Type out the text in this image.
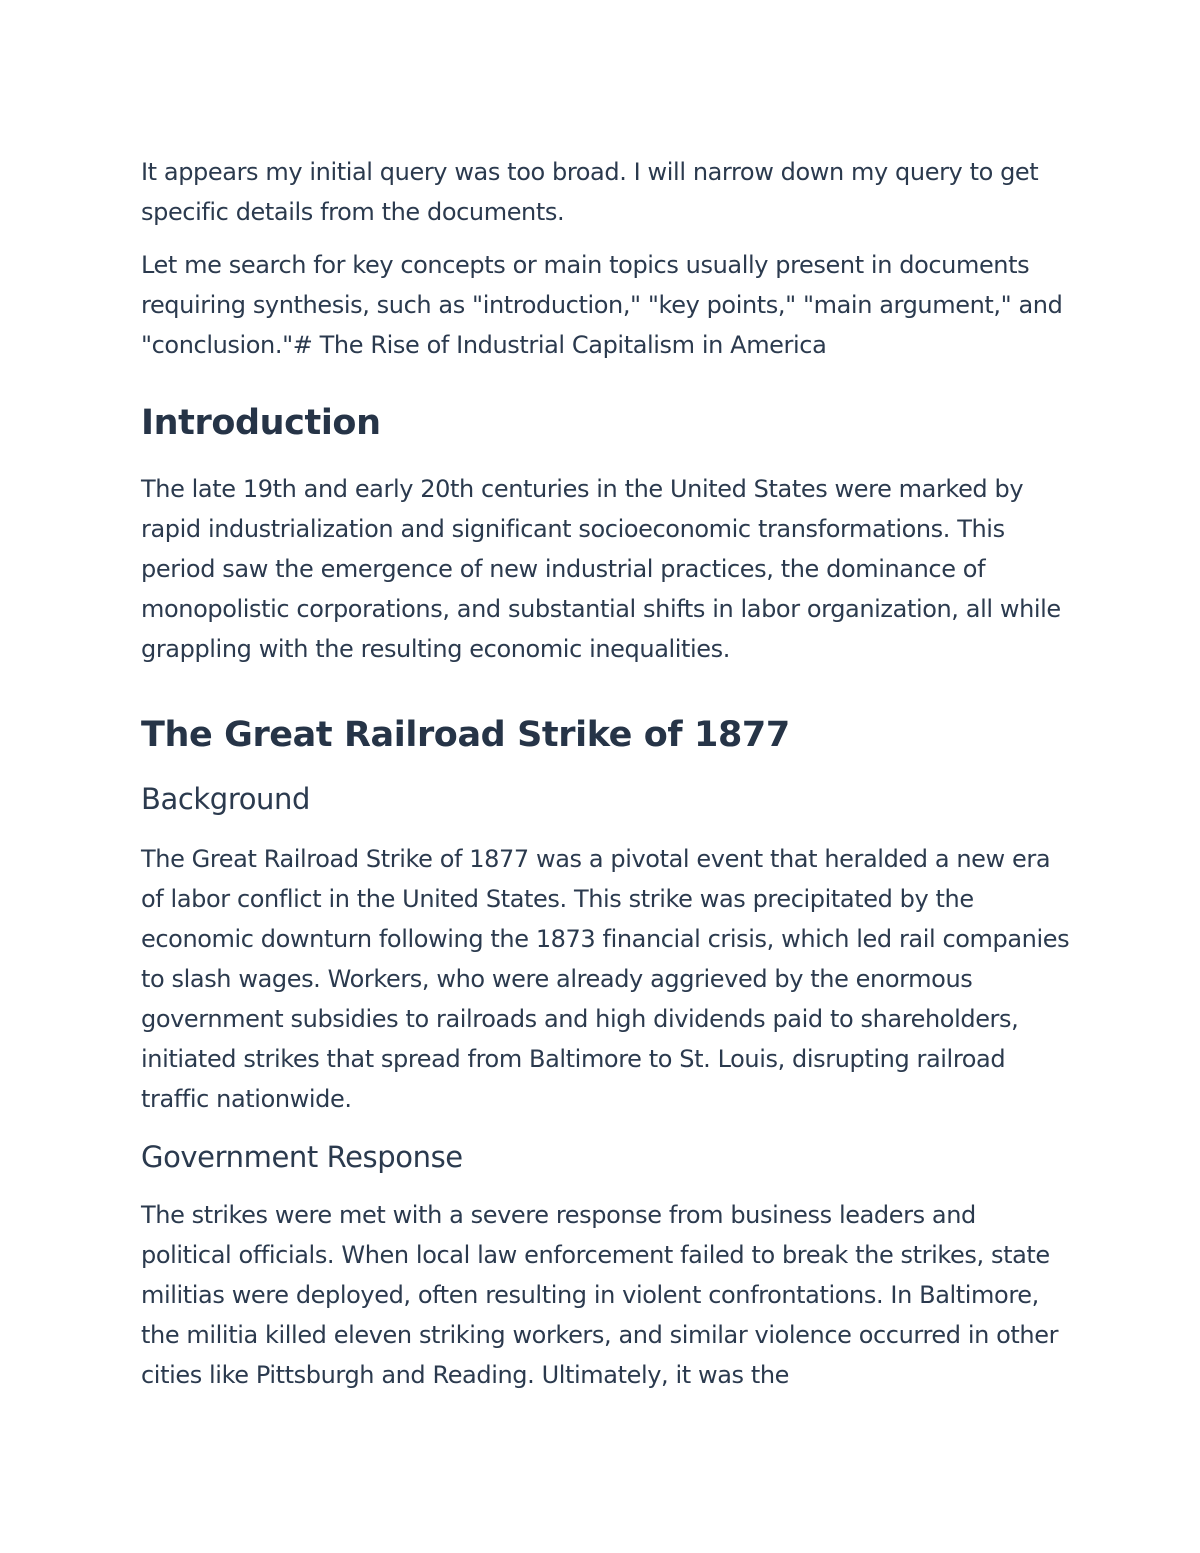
It appears my initial query was too broad. I will narrow down my query to get specific details from the documents.

Let me search for key concepts or main topics usually present in documents requiring synthesis, such as "introduction," "key points," "main argument," and "conclusion."# The Rise of Industrial Capitalism in America

Introduction

The late 19th and early 20th centuries in the United States were marked by rapid industrialization and significant socioeconomic transformations. This period saw the emergence of new industrial practices, the dominance of monopolistic corporations, and substantial shifts in labor organization, all while grappling with the resulting economic inequalities.

The Great Railroad Strike of 1877
Background

The Great Railroad Strike of 1877 was a pivotal event that heralded a new era of labor conflict in the United States. This strike was precipitated by the economic downturn following the 1873 financial crisis, which led rail companies to slash wages. Workers, who were already aggrieved by the enormous government subsidies to railroads and high dividends paid to shareholders, initiated strikes that spread from Baltimore to St. Louis, disrupting railroad traffic nationwide.

Government Response

The strikes were met with a severe response from business leaders and political officials. When local law enforcement failed to break the strikes, state militias were deployed, often resulting in violent confrontations. In Baltimore, the militia killed eleven striking workers, and similar violence occurred in other cities like Pittsburgh and Reading. Ultimately, it was the
